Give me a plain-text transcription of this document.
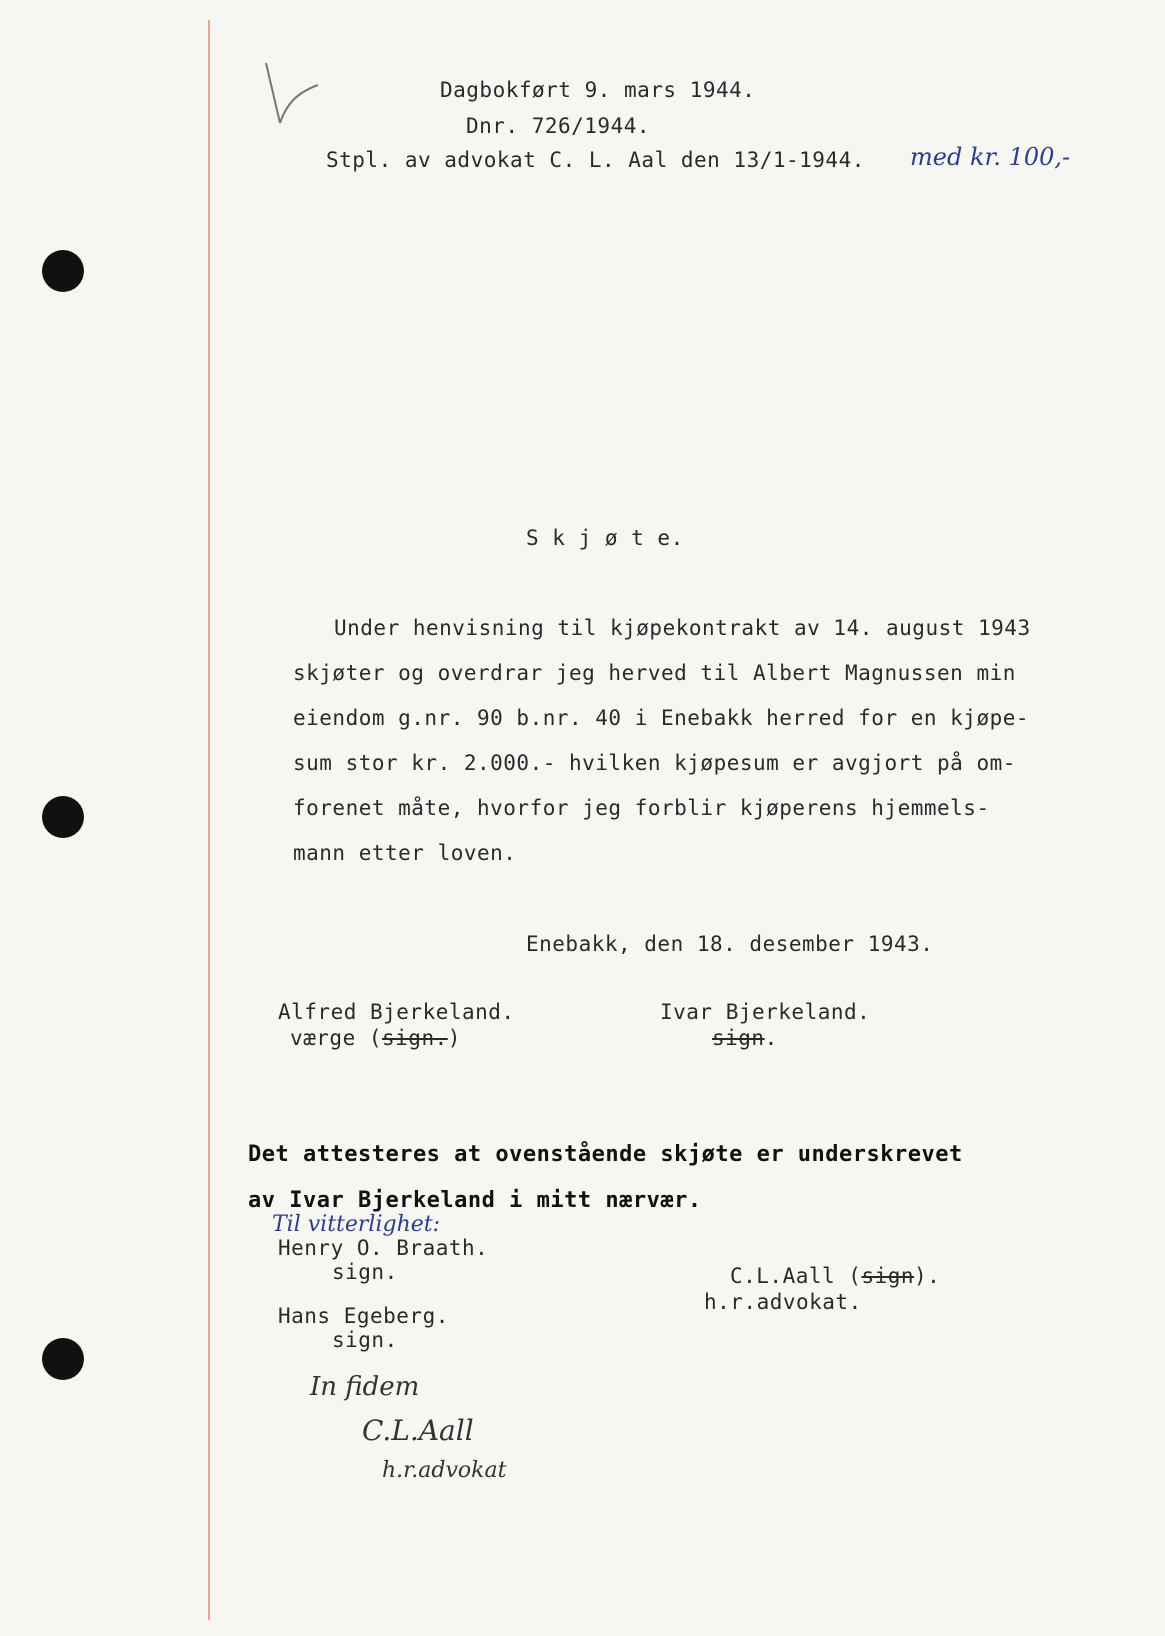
Dagbokført 9. mars 1944.
Dnr. 726/1944.
Stpl. av advokat C. L. Aal den 13/1-1944. med kr. 100,-
S k j ø t e.
Under henvisning til kjøpekontrakt av 14. august 1943
skjøter og overdrar jeg herved til Albert Magnussen min
eiendom g.nr. 90 b.nr. 40 i Enebakk herred for en kjøpe-
sum stor kr. 2.000.- hvilken kjøpesum er avgjort på om-
forenet måte, hvorfor jeg forblir kjøperens hjemmels-
mann etter loven.
Enebakk, den 18. desember 1943.
Alfred Bjerkeland.
værge (sign.)
Ivar Bjerkeland.
sign.
Det attesteres at ovenstående skjøte er underskrevet
av Ivar Bjerkeland i mitt nærvær.
Til vitterlighet:
Henry O. Braath.
sign.
Hans Egeberg.
sign.
C.L.Aall (sign).
h.r.advokat.
In fidem
C.L.Aall
h.r.advokat
